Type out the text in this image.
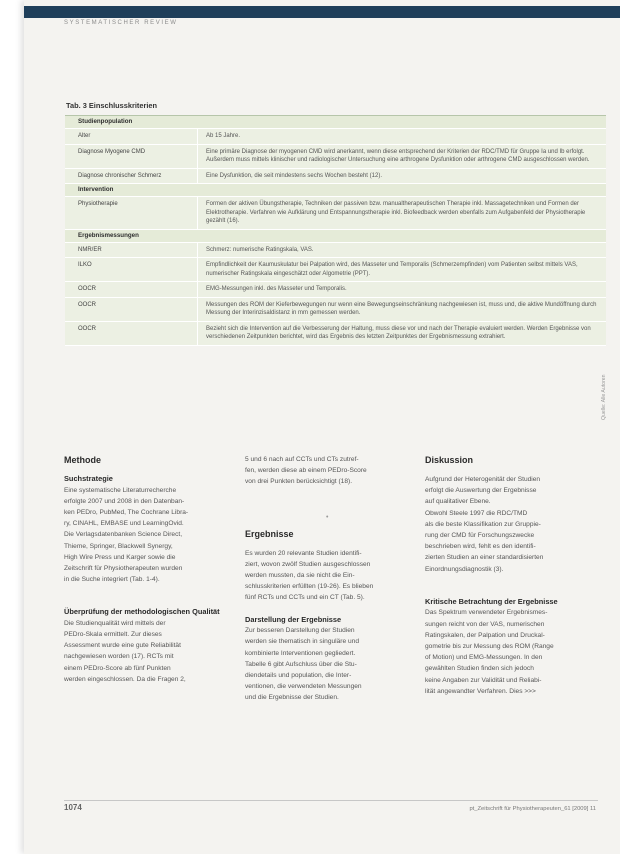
SYSTEMATISCHER REVIEW
Tab. 3 Einschlusskriterien
Studienpopulation
Alter	Ab 15 Jahre.
Diagnose Myogene CMD	Eine primäre Diagnose der myogenen CMD wird anerkannt, wenn diese entsprechend der Kriterien der RDC/TMD für Gruppe Ia und Ib erfolgt. Außerdem muss mittels klinischer und radiologischer Untersuchung eine arthrogene Dysfunktion oder arthrogene CMD ausgeschlossen werden.
Diagnose chronischer Schmerz	Eine Dysfunktion, die seit mindestens sechs Wochen besteht (12).
Intervention
Physiotherapie	Formen der aktiven Übungstherapie, Techniken der passiven bzw. manualtherapeutischen Therapie inkl. Massagetechniken und Formen der Elektrotherapie. Verfahren wie Aufklärung und Entspannungstherapie inkl. Biofeedback werden ebenfalls zum Aufgabenfeld der Physiotherapie gezählt (16).
Ergebnismessungen
NMR/ER	Schmerz: numerische Ratingskala, VAS.
ILKO	Empfindlichkeit der Kaumuskulatur bei Palpation wird, des Masseter und Temporalis (Schmerzempfinden) vom Patienten selbst mittels VAS, numerischer Ratingskala eingeschätzt oder Algometrie (PPT).
OOCR	EMG-Messungen inkl. des Masseter und Temporalis.
OOCR	Messungen des ROM der Kieferbewegungen nur wenn eine Bewegungseinschränkung nachgewiesen ist, muss und, die aktive Mundöffnung durch Messung der Interinzisaldistanz in mm gemessen werden.
OOCR	Bezieht sich die Intervention auf die Verbesserung der Haltung, muss diese vor und nach der Therapie evaluiert werden. Werden Ergebnisse von verschiedenen Zeitpunkten berichtet, wird das Ergebnis des letzten Zeitpunktes der Ergebnismessung extrahiert.
Quelle: Alle Autoren
Methode
Suchstrategie
Eine systematische Literaturrecherche
erfolgte 2007 und 2008 in den Datenban-
ken PEDro, PubMed, The Cochrane Libra-
ry, CINAHL, EMBASE und LearningOvid.
Die Verlagsdatenbanken Science Direct,
Thieme, Springer, Blackwell Synergy,
High Wire Press und Karger sowie die
Zeitschrift für Physiotherapeuten wurden
in die Suche integriert (Tab. 1-4).
Überprüfung der methodologischen Qualität
Die Studienqualität wird mittels der
PEDro-Skala ermittelt. Zur dieses
Assessment wurde eine gute Reliabilität
nachgewiesen worden (17). RCTs mit
einem PEDro-Score ab fünf Punkten
werden eingeschlossen. Da die Fragen 2,
5 und 6 nach auf CCTs und CTs zutref-
fen, werden diese ab einem PEDro-Score
von drei Punkten berücksichtigt (18).
Ergebnisse
Es wurden 20 relevante Studien identifi-
ziert, wovon zwölf Studien ausgeschlossen
werden mussten, da sie nicht die Ein-
schlusskriterien erfüllten (19-26). Es blieben
fünf RCTs und CCTs und ein CT (Tab. 5).
Darstellung der Ergebnisse
Zur besseren Darstellung der Studien
werden sie thematisch in singuläre und
kombinierte Interventionen gegliedert.
Tabelle 6 gibt Aufschluss über die Stu-
diendetails und population, die Inter-
ventionen, die verwendeten Messungen
und die Ergebnisse der Studien.
•
Diskussion
Aufgrund der Heterogenität der Studien
erfolgt die Auswertung der Ergebnisse
auf qualitativer Ebene.
Obwohl Steele 1997 die RDC/TMD
als die beste Klassifikation zur Gruppie-
rung der CMD für Forschungszwecke
beschrieben wird, fehlt es den identifi-
zierten Studien an einer standardisierten
Einordnungsdiagnostik (3).
Kritische Betrachtung der Ergebnisse
Das Spektrum verwendeter Ergebnismes-
sungen reicht von der VAS, numerischen
Ratingskalen, der Palpation und Druckal-
gometrie bis zur Messung des ROM (Range
of Motion) und EMG-Messungen. In den
gewählten Studien finden sich jedoch
keine Angaben zur Validität und Reliabi-
lität angewandter Verfahren. Dies >>>
1074	pt_Zeitschrift für Physiotherapeuten_61 [2009] 11
